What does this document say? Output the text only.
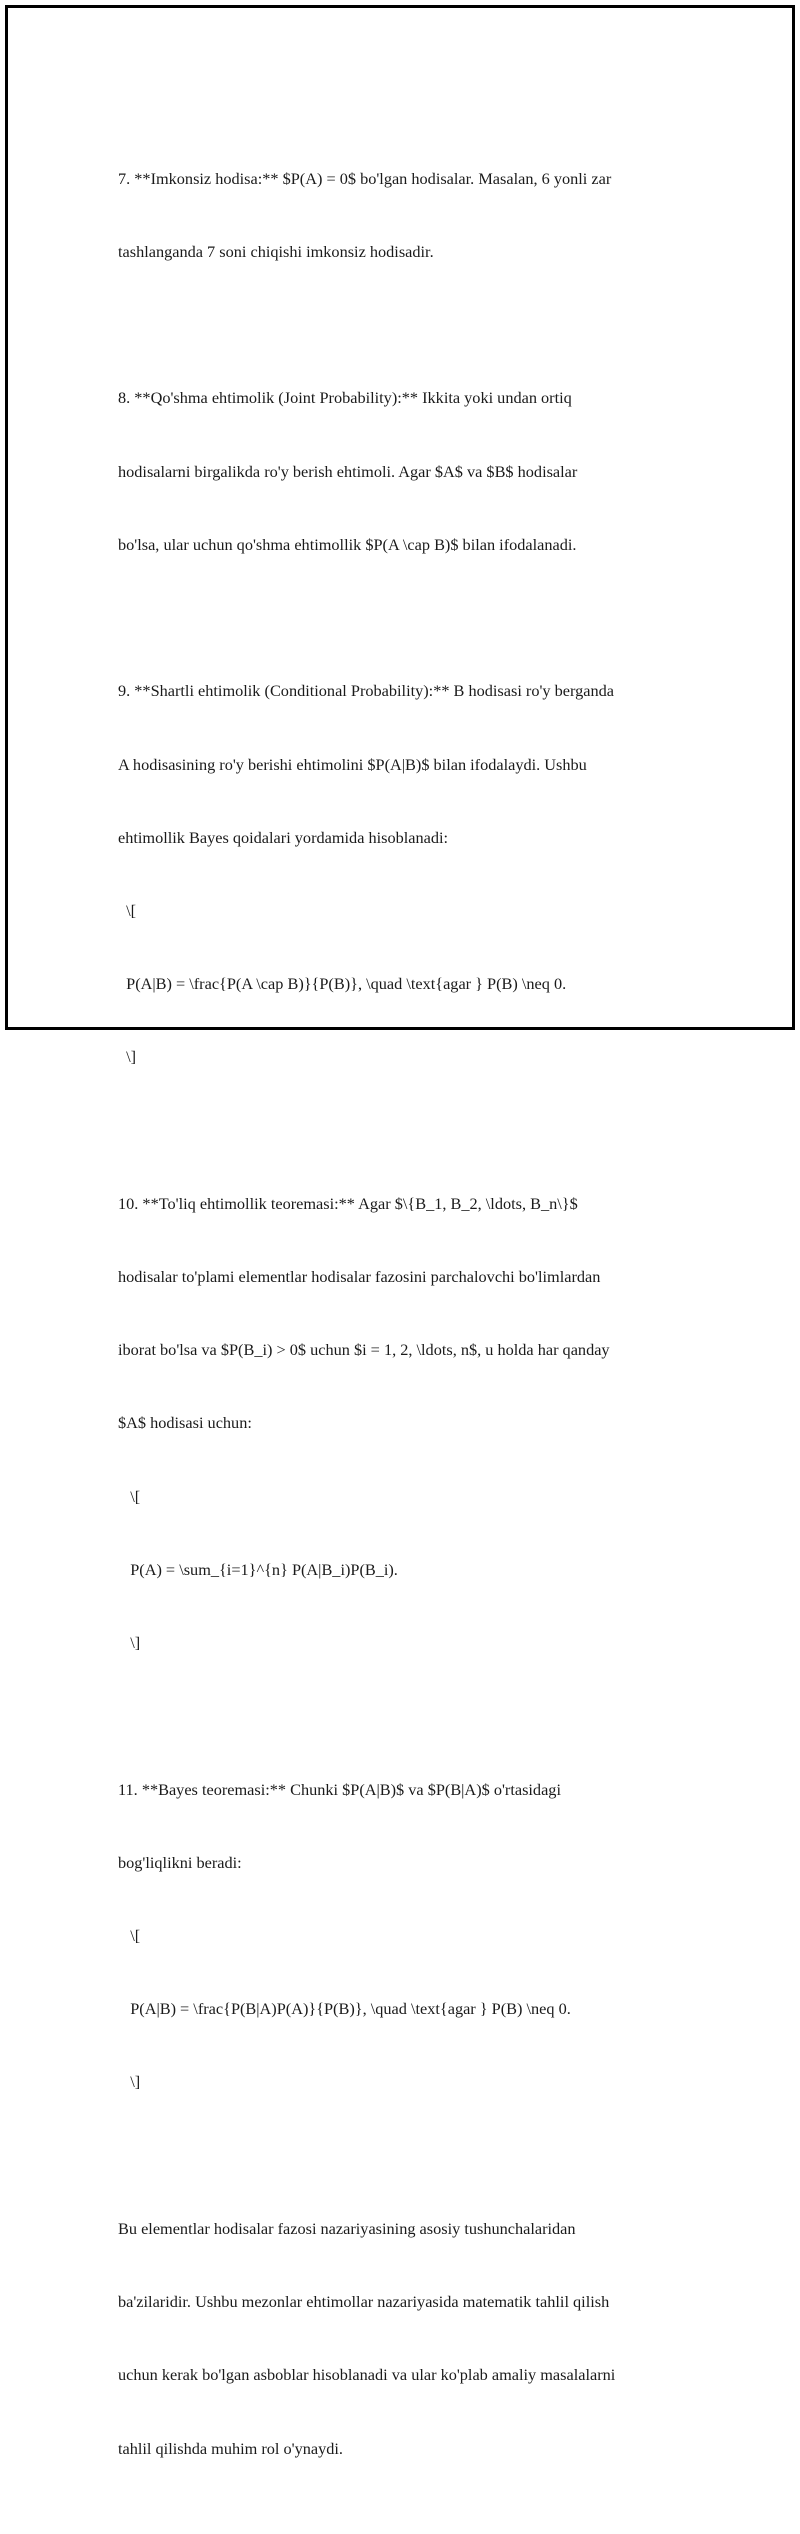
7. **Imkonsiz hodisa:** $P(A) = 0$ bo'lgan hodisalar. Masalan, 6 yonli zar

tashlanganda 7 soni chiqishi imkonsiz hodisadir.

8. **Qo'shma ehtimolik (Joint Probability):** Ikkita yoki undan ortiq

hodisalarni birgalikda ro'y berish ehtimoli. Agar $A$ va $B$ hodisalar

bo'lsa, ular uchun qo'shma ehtimollik $P(A \cap B)$ bilan ifodalanadi.

9. **Shartli ehtimolik (Conditional Probability):** B hodisasi ro'y berganda

A hodisasining ro'y berishi ehtimolini $P(A|B)$ bilan ifodalaydi. Ushbu

ehtimollik Bayes qoidalari yordamida hisoblanadi:

\[

P(A|B) = \frac{P(A \cap B)}{P(B)}, \quad \text{agar } P(B) \neq 0.

\]

10. **To'liq ehtimollik teoremasi:** Agar $\{B_1, B_2, \ldots, B_n\}$

hodisalar to'plami elementlar hodisalar fazosini parchalovchi bo'limlardan

iborat bo'lsa va $P(B_i) > 0$ uchun $i = 1, 2, \ldots, n$, u holda har qanday

$A$ hodisasi uchun:

\[

P(A) = \sum_{i=1}^{n} P(A|B_i)P(B_i).

\]

11. **Bayes teoremasi:** Chunki $P(A|B)$ va $P(B|A)$ o'rtasidagi

bog'liqlikni beradi:

\[

P(A|B) = \frac{P(B|A)P(A)}{P(B)}, \quad \text{agar } P(B) \neq 0.

\]

Bu elementlar hodisalar fazosi nazariyasining asosiy tushunchalaridan

ba'zilaridir. Ushbu mezonlar ehtimollar nazariyasida matematik tahlil qilish

uchun kerak bo'lgan asboblar hisoblanadi va ular ko'plab amaliy masalalarni

tahlil qilishda muhim rol o'ynaydi.
